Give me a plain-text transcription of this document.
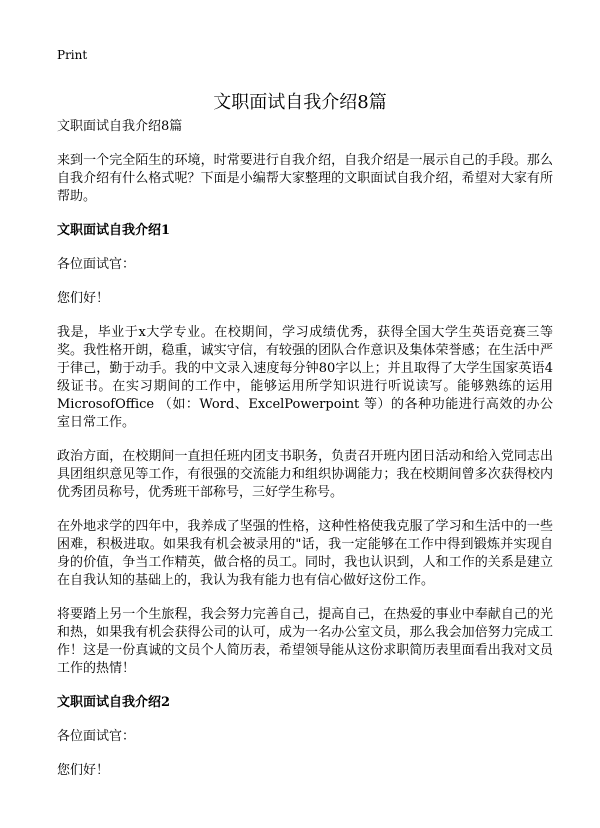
Print
文职面试自我介绍8篇

文职面试自我介绍8篇

来到一个完全陌生的环境，时常要进行自我介绍，自我介绍是一展示自己的手段。那么自我介绍有什么格式呢？下面是小编帮大家整理的文职面试自我介绍，希望对大家有所帮助。

文职面试自我介绍1

各位面试官：

您们好！

我是，毕业于x大学专业。在校期间，学习成绩优秀，获得全国大学生英语竞赛三等奖。我性格开朗，稳重，诚实守信，有较强的团队合作意识及集体荣誉感；在生活中严于律己，勤于动手。我的中文录入速度每分钟80字以上；并且取得了大学生国家英语4级证书。在实习期间的工作中，能够运用所学知识进行听说读写。能够熟练的运用MicrosofOffice （如：Word、ExcelPowerpoint 等）的各种功能进行高效的办公室日常工作。

政治方面，在校期间一直担任班内团支书职务，负责召开班内团日活动和给入党同志出具团组织意见等工作，有很强的交流能力和组织协调能力；我在校期间曾多次获得校内优秀团员称号，优秀班干部称号，三好学生称号。

在外地求学的四年中，我养成了坚强的性格，这种性格使我克服了学习和生活中的一些困难，积极进取。如果我有机会被录用的"话，我一定能够在工作中得到锻炼并实现自身的价值，争当工作精英，做合格的员工。同时，我也认识到，人和工作的关系是建立在自我认知的基础上的，我认为我有能力也有信心做好这份工作。

将要踏上另一个生旅程，我会努力完善自己，提高自己，在热爱的事业中奉献自己的光和热，如果我有机会获得公司的认可，成为一名办公室文员，那么我会加倍努力完成工作！这是一份真诚的文员个人简历表，希望领导能从这份求职简历表里面看出我对文员工作的热情！

文职面试自我介绍2

各位面试官：

您们好！
